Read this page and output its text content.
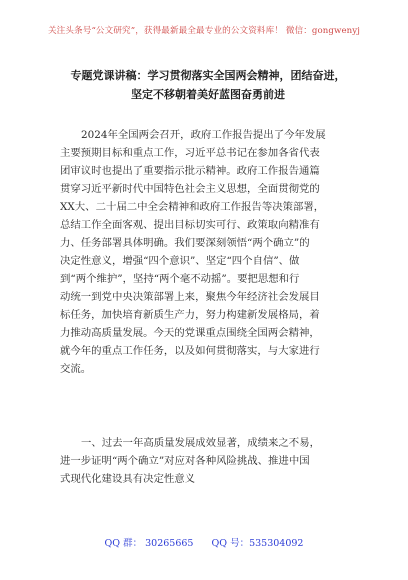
关注头条号“公文研究”，获得最新最全最专业的公文资料库！ 微信：gongwenyj
专题党课讲稿：学习贯彻落实全国两会精神，团结奋进，
坚定不移朝着美好蓝图奋勇前进
2024年全国两会召开，政府工作报告提出了今年发展
主要预期目标和重点工作，习近平总书记在参加各省代表
团审议时也提出了重要指示批示精神。政府工作报告通篇
贯穿习近平新时代中国特色社会主义思想，全面贯彻党的
XX大、二十届二中全会精神和政府工作报告等决策部署，
总结工作全面客观、提出目标切实可行、政策取向精准有
力、任务部署具体明确。我们要深刻领悟“两个确立”的
决定性意义，增强“四个意识”、坚定“四个自信”、做
到“两个维护”，坚持“两个毫不动摇”。要把思想和行
动统一到党中央决策部署上来，聚焦今年经济社会发展目
标任务，加快培育新质生产力，努力构建新发展格局，着
力推动高质量发展。今天的党课重点围绕全国两会精神，
就今年的重点工作任务，以及如何贯彻落实，与大家进行
交流。
一、过去一年高质量发展成效显著，成绩来之不易，
进一步证明“两个确立”对应对各种风险挑战、推进中国
式现代化建设具有决定性意义
QQ 群： 30265665 QQ 号：535304092
